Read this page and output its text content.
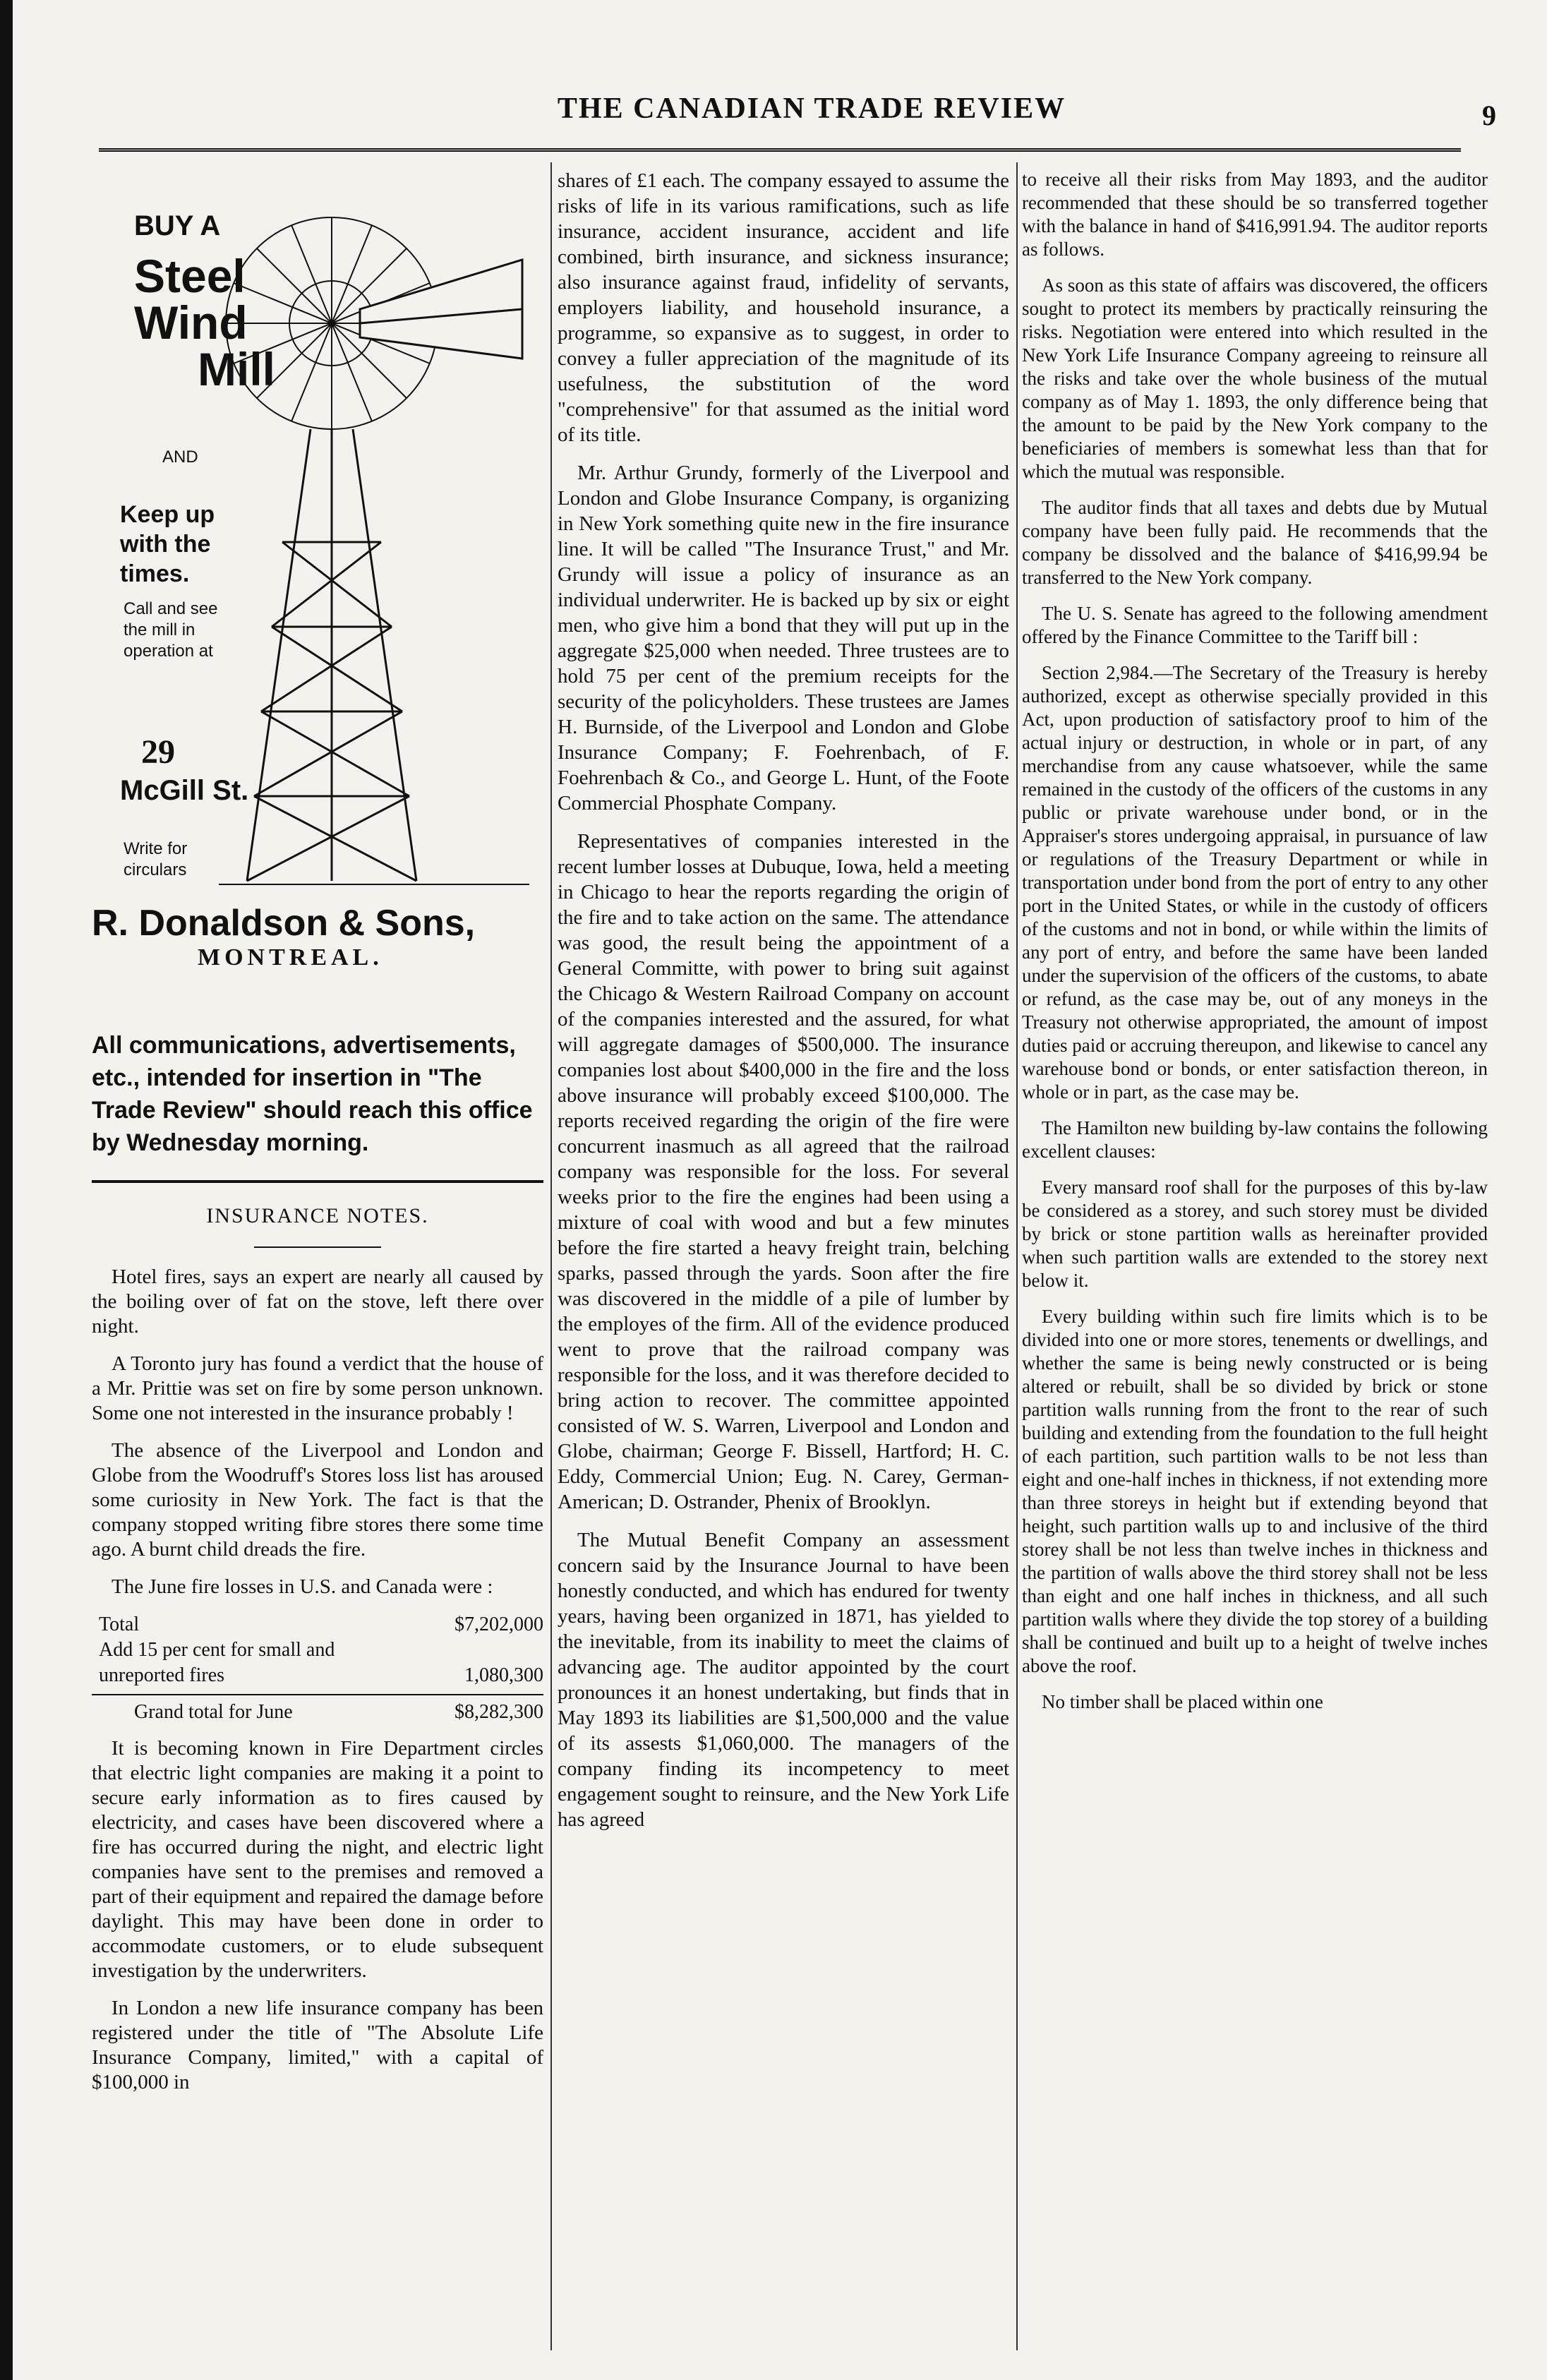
THE CANADIAN TRADE REVIEW	9
BUY A
Steel
Wind
Mill
AND
Keep up with the times.
Call and see the mill in operation at
29
McGill St.
Write for circulars
R. Donaldson & Sons,
MONTREAL.
All communications, advertisements, etc., intended for insertion in "The Trade Review" should reach this office by Wednesday morning.
INSURANCE NOTES.

Hotel fires, says an expert are nearly all caused by the boiling over of fat on the stove, left there over night.

A Toronto jury has found a verdict that the house of a Mr. Prittie was set on fire by some person unknown. Some one not interested in the insurance probably !

The absence of the Liverpool and London and Globe from the Woodruff's Stores loss list has aroused some curiosity in New York. The fact is that the company stopped writing fibre stores there some time ago. A burnt child dreads the fire.

The June fire losses in U.S. and Canada were :

Total	$7,202,000
Add 15 per cent for small and unreported fires	1,080,300
Grand total for June	$8,282,300

It is becoming known in Fire Department circles that electric light companies are making it a point to secure early information as to fires caused by electricity, and cases have been discovered where a fire has occurred during the night, and electric light companies have sent to the premises and removed a part of their equipment and repaired the damage before daylight. This may have been done in order to accommodate customers, or to elude subsequent investigation by the underwriters.

In London a new life insurance company has been registered under the title of "The Absolute Life Insurance Company, limited," with a capital of $100,000 in

shares of £1 each. The company essayed to assume the risks of life in its various ramifications, such as life insurance, accident insurance, accident and life combined, birth insurance, and sickness insurance; also insurance against fraud, infidelity of servants, employers liability, and household insurance, a programme, so expansive as to suggest, in order to convey a fuller appreciation of the magnitude of its usefulness, the substitution of the word "comprehensive" for that assumed as the initial word of its title.

Mr. Arthur Grundy, formerly of the Liverpool and London and Globe Insurance Company, is organizing in New York something quite new in the fire insurance line. It will be called "The Insurance Trust," and Mr. Grundy will issue a policy of insurance as an individual underwriter. He is backed up by six or eight men, who give him a bond that they will put up in the aggregate $25,000 when needed. Three trustees are to hold 75 per cent of the premium receipts for the security of the policyholders. These trustees are James H. Burnside, of the Liverpool and London and Globe Insurance Company; F. Foehrenbach, of F. Foehrenbach & Co., and George L. Hunt, of the Foote Commercial Phosphate Company.

Representatives of companies interested in the recent lumber losses at Dubuque, Iowa, held a meeting in Chicago to hear the reports regarding the origin of the fire and to take action on the same. The attendance was good, the result being the appointment of a General Committe, with power to bring suit against the Chicago & Western Railroad Company on account of the companies interested and the assured, for what will aggregate damages of $500,000. The insurance companies lost about $400,000 in the fire and the loss above insurance will probably exceed $100,000. The reports received regarding the origin of the fire were concurrent inasmuch as all agreed that the railroad company was responsible for the loss. For several weeks prior to the fire the engines had been using a mixture of coal with wood and but a few minutes before the fire started a heavy freight train, belching sparks, passed through the yards. Soon after the fire was discovered in the middle of a pile of lumber by the employes of the firm. All of the evidence produced went to prove that the railroad company was responsible for the loss, and it was therefore decided to bring action to recover. The committee appointed consisted of W. S. Warren, Liverpool and London and Globe, chairman; George F. Bissell, Hartford; H. C. Eddy, Commercial Union; Eug. N. Carey, German-American; D. Ostrander, Phenix of Brooklyn.

The Mutual Benefit Company an assessment concern said by the Insurance Journal to have been honestly conducted, and which has endured for twenty years, having been organized in 1871, has yielded to the inevitable, from its inability to meet the claims of advancing age. The auditor appointed by the court pronounces it an honest undertaking, but finds that in May 1893 its liabilities are $1,500,000 and the value of its assests $1,060,000. The managers of the company finding its incompetency to meet engagement sought to reinsure, and the New York Life has agreed

to receive all their risks from May 1893, and the auditor recommended that these should be so transferred together with the balance in hand of $416,991.94. The auditor reports as follows.

As soon as this state of affairs was discovered, the officers sought to protect its members by practically reinsuring the risks. Negotiation were entered into which resulted in the New York Life Insurance Company agreeing to reinsure all the risks and take over the whole business of the mutual company as of May 1. 1893, the only difference being that the amount to be paid by the New York company to the beneficiaries of members is somewhat less than that for which the mutual was responsible.

The auditor finds that all taxes and debts due by Mutual company have been fully paid. He recommends that the company be dissolved and the balance of $416,99.94 be transferred to the New York company.

The U. S. Senate has agreed to the following amendment offered by the Finance Committee to the Tariff bill :

Section 2,984.—The Secretary of the Treasury is hereby authorized, except as otherwise specially provided in this Act, upon production of satisfactory proof to him of the actual injury or destruction, in whole or in part, of any merchandise from any cause whatsoever, while the same remained in the custody of the officers of the customs in any public or private warehouse under bond, or in the Appraiser's stores undergoing appraisal, in pursuance of law or regulations of the Treasury Department or while in transportation under bond from the port of entry to any other port in the United States, or while in the custody of officers of the customs and not in bond, or while within the limits of any port of entry, and before the same have been landed under the supervision of the officers of the customs, to abate or refund, as the case may be, out of any moneys in the Treasury not otherwise appropriated, the amount of impost duties paid or accruing thereupon, and likewise to cancel any warehouse bond or bonds, or enter satisfaction thereon, in whole or in part, as the case may be.

The Hamilton new building by-law contains the following excellent clauses:

Every mansard roof shall for the purposes of this by-law be considered as a storey, and such storey must be divided by brick or stone partition walls as hereinafter provided when such partition walls are extended to the storey next below it.

Every building within such fire limits which is to be divided into one or more stores, tenements or dwellings, and whether the same is being newly constructed or is being altered or rebuilt, shall be so divided by brick or stone partition walls running from the front to the rear of such building and extending from the foundation to the full height of each partition, such partition walls to be not less than eight and one-half inches in thickness, if not extending more than three storeys in height but if extending beyond that height, such partition walls up to and inclusive of the third storey shall be not less than twelve inches in thickness and the partition of walls above the third storey shall not be less than eight and one half inches in thickness, and all such partition walls where they divide the top storey of a building shall be continued and built up to a height of twelve inches above the roof.

No timber shall be placed within one
